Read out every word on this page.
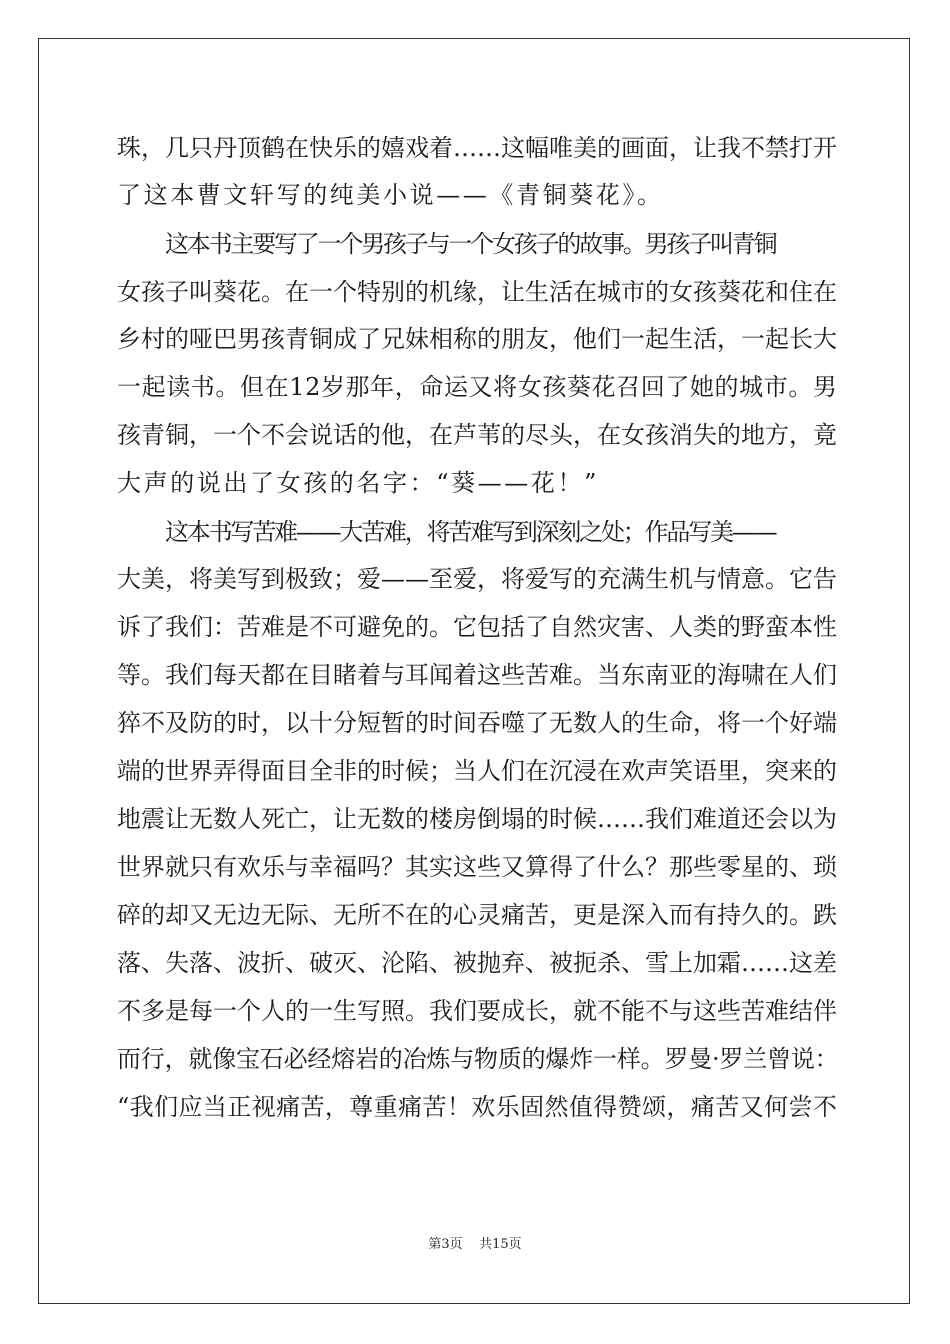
珠，几只丹顶鹤在快乐的嬉戏着……这幅唯美的画面，让我不禁打开
了这本曹文轩写的纯美小说——《青铜葵花》。
这本书主要写了一个男孩子与一个女孩子的故事。男孩子叫青铜
女孩子叫葵花。在一个特别的机缘，让生活在城市的女孩葵花和住在
乡村的哑巴男孩青铜成了兄妹相称的朋友，他们一起生活，一起长大
一起读书。但在12岁那年，命运又将女孩葵花召回了她的城市。男
孩青铜，一个不会说话的他，在芦苇的尽头，在女孩消失的地方，竟
大声的说出了女孩的名字：“葵——花！”
这本书写苦难——大苦难，将苦难写到深刻之处；作品写美——
大美，将美写到极致；爱——至爱，将爱写的充满生机与情意。它告
诉了我们：苦难是不可避免的。它包括了自然灾害、人类的野蛮本性
等。我们每天都在目睹着与耳闻着这些苦难。当东南亚的海啸在人们
猝不及防的时，以十分短暂的时间吞噬了无数人的生命，将一个好端
端的世界弄得面目全非的时候；当人们在沉浸在欢声笑语里，突来的
地震让无数人死亡，让无数的楼房倒塌的时候……我们难道还会以为
世界就只有欢乐与幸福吗？其实这些又算得了什么？那些零星的、琐
碎的却又无边无际、无所不在的心灵痛苦，更是深入而有持久的。跌
落、失落、波折、破灭、沦陷、被抛弃、被扼杀、雪上加霜……这差
不多是每一个人的一生写照。我们要成长，就不能不与这些苦难结伴
而行，就像宝石必经熔岩的冶炼与物质的爆炸一样。罗曼·罗兰曾说：
“我们应当正视痛苦，尊重痛苦！欢乐固然值得赞颂，痛苦又何尝不
第3页 共15页
